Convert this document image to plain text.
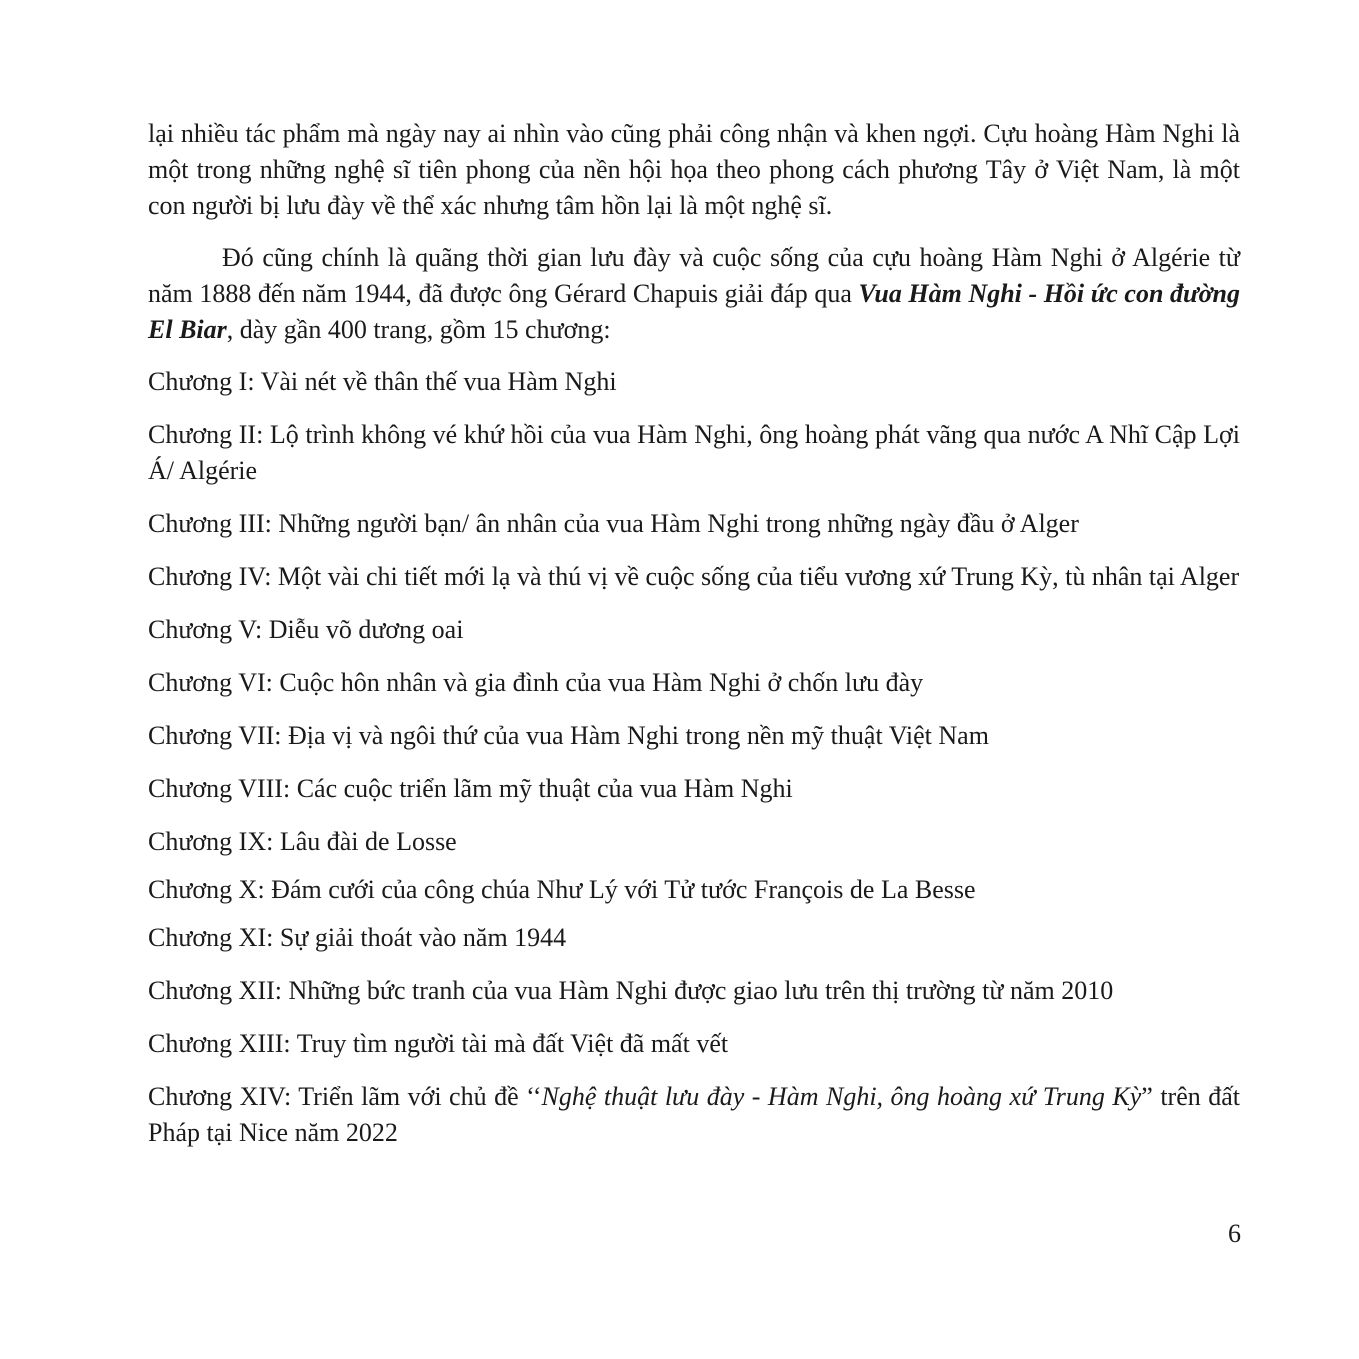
lại nhiều tác phẩm mà ngày nay ai nhìn vào cũng phải công nhận và khen ngợi. Cựu hoàng Hàm Nghi là một trong những nghệ sĩ tiên phong của nền hội họa theo phong cách phương Tây ở Việt Nam, là một con người bị lưu đày về thể xác nhưng tâm hồn lại là một nghệ sĩ.

Đó cũng chính là quãng thời gian lưu đày và cuộc sống của cựu hoàng Hàm Nghi ở Algérie từ năm 1888 đến năm 1944, đã được ông Gérard Chapuis giải đáp qua Vua Hàm Nghi - Hồi ức con đường El Biar, dày gần 400 trang, gồm 15 chương:

Chương I: Vài nét về thân thế vua Hàm Nghi

Chương II: Lộ trình không vé khứ hồi của vua Hàm Nghi, ông hoàng phát vãng qua nước A Nhĩ Cập Lợi Á/ Algérie

Chương III: Những người bạn/ ân nhân của vua Hàm Nghi trong những ngày đầu ở Alger

Chương IV: Một vài chi tiết mới lạ và thú vị về cuộc sống của tiểu vương xứ Trung Kỳ, tù nhân tại Alger

Chương V: Diễu võ dương oai

Chương VI: Cuộc hôn nhân và gia đình của vua Hàm Nghi ở chốn lưu đày

Chương VII: Địa vị và ngôi thứ của vua Hàm Nghi trong nền mỹ thuật Việt Nam

Chương VIII: Các cuộc triển lãm mỹ thuật của vua Hàm Nghi

Chương IX: Lâu đài de Losse

Chương X: Đám cưới của công chúa Như Lý với Tử tước François de La Besse

Chương XI: Sự giải thoát vào năm 1944

Chương XII: Những bức tranh của vua Hàm Nghi được giao lưu trên thị trường từ năm 2010

Chương XIII: Truy tìm người tài mà đất Việt đã mất vết

Chương XIV: Triển lãm với chủ đề ‘‘Nghệ thuật lưu đày - Hàm Nghi, ông hoàng xứ Trung Kỳ” trên đất Pháp tại Nice năm 2022

6
